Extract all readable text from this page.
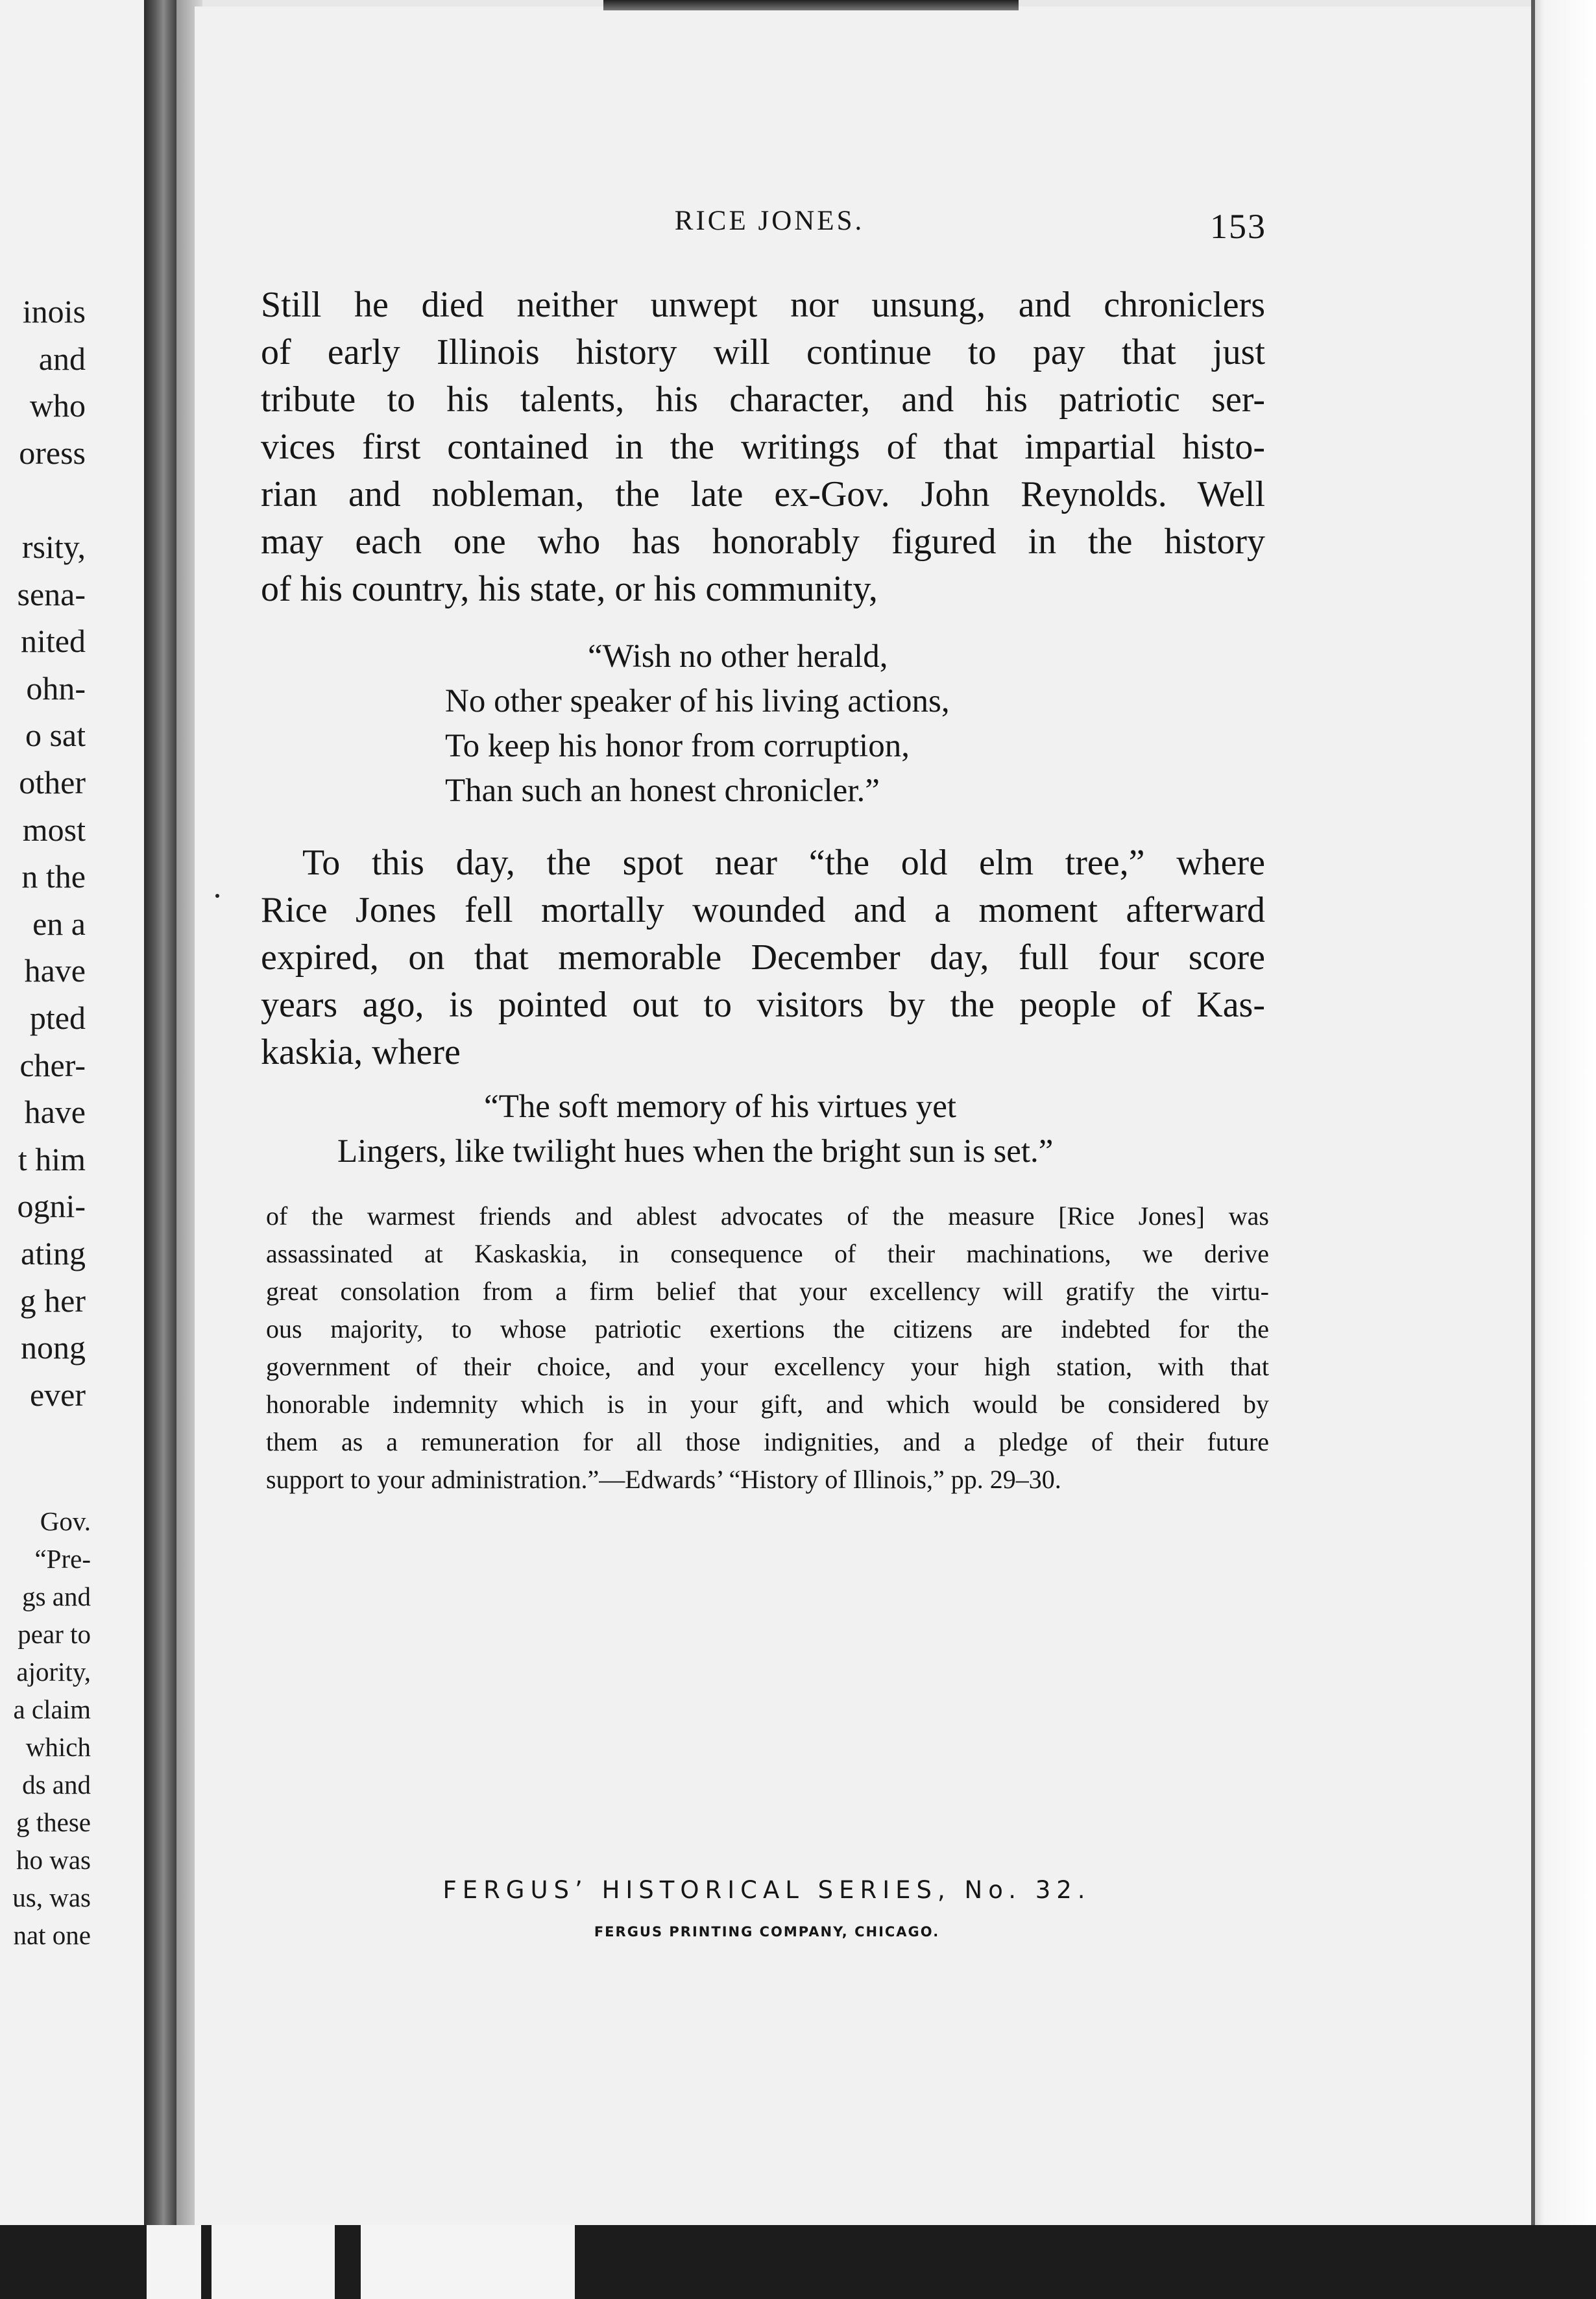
inois
and
who
oress
rsity,
sena-
nited
ohn-
o sat
other
most
n the
en a
have
pted
cher-
have
t him
ogni-
ating
g her
nong
ever
Gov.
“Pre-
gs and
pear to
ajority,
a claim
which
ds and
g these
ho was
us, was
nat one
RICE JONES.	153
Still he died neither unwept nor unsung, and chroniclers
of early Illinois history will continue to pay that just
tribute to his talents, his character, and his patriotic ser-
vices first contained in the writings of that impartial histo-
rian and nobleman, the late ex-Gov. John Reynolds. Well
may each one who has honorably figured in the history
of his country, his state, or his community,
“Wish no other herald,
No other speaker of his living actions,
To keep his honor from corruption,
Than such an honest chronicler.”
To this day, the spot near “the old elm tree,” where
Rice Jones fell mortally wounded and a moment afterward
expired, on that memorable December day, full four score
years ago, is pointed out to visitors by the people of Kas-
kaskia, where
“The soft memory of his virtues yet
Lingers, like twilight hues when the bright sun is set.”
of the warmest friends and ablest advocates of the measure [Rice Jones] was
assassinated at Kaskaskia, in consequence of their machinations, we derive
great consolation from a firm belief that your excellency will gratify the virtu-
ous majority, to whose patriotic exertions the citizens are indebted for the
government of their choice, and your excellency your high station, with that
honorable indemnity which is in your gift, and which would be considered by
them as a remuneration for all those indignities, and a pledge of their future
support to your administration.”—Edwards’ “History of Illinois,” pp. 29–30.
FERGUS’ HISTORICAL SERIES, No. 32.
FERGUS PRINTING COMPANY, CHICAGO.
